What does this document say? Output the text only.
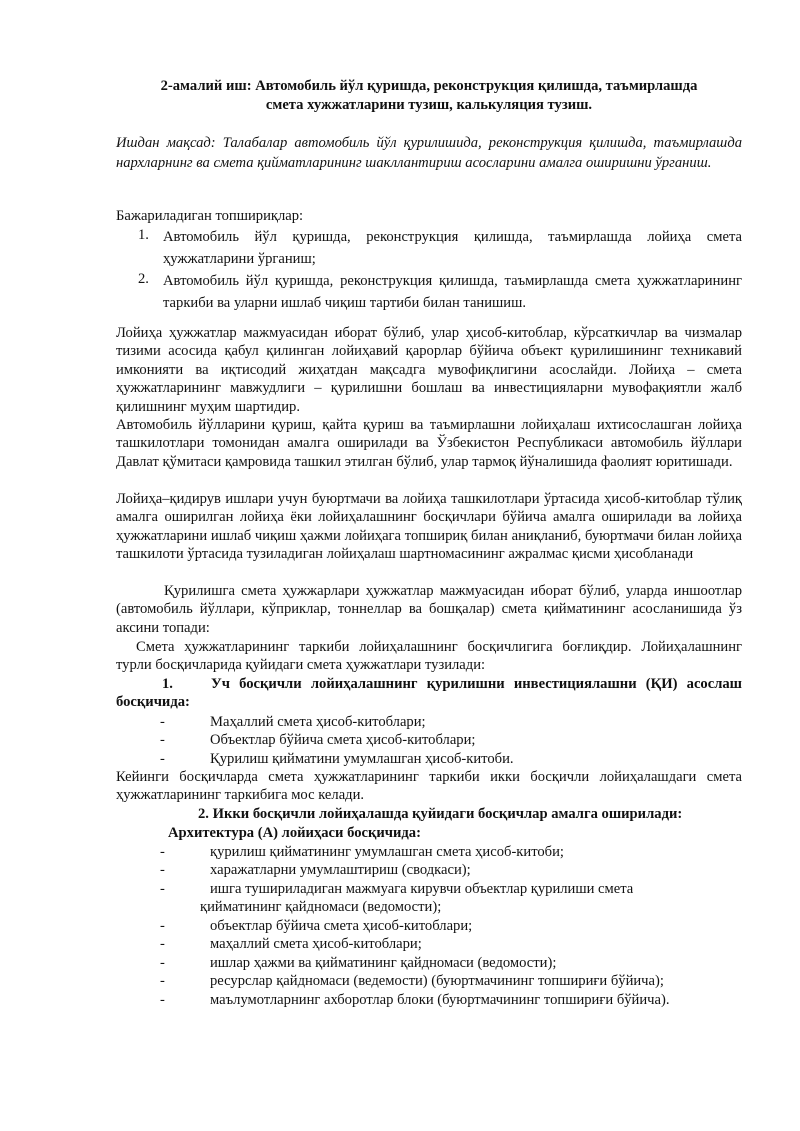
2-амалий иш: Автомобиль йўл қуришда, реконструкция қилишда, таъмирлашда
смета хужжатларини тузиш, калькуляция тузиш.
Ишдан мақсад: Талабалар автомобиль йўл қурилишида, реконструкция қилишда, таъмирлашда нархларнинг ва смета қийматларининг шакллантириш асосларини амалга оширишни ўрганиш.
Бажариладиган топшириқлар:
1. Автомобиль йўл қуришда, реконструкция қилишда, таъмирлашда лойиҳа смета ҳужжатларини ўрганиш;
2. Автомобиль йўл қуришда, реконструкция қилишда, таъмирлашда смета ҳужжатларининг таркиби ва уларни ишлаб чиқиш тартиби билан танишиш.
Лойиҳа ҳужжатлар мажмуасидан иборат бўлиб, улар ҳисоб-китоблар, кўрсаткичлар ва чизмалар тизими асосида қабул қилинган лойиҳавий қарорлар бўйича объект қурилишининг техникавий имконияти ва иқтисодий жиҳатдан мақсадга мувофиқлигини асослайди. Лойиҳа – смета ҳужжатларининг мавжудлиги – қурилишни бошлаш ва инвестицияларни мувофақиятли жалб қилишнинг муҳим шартидир.
Автомобиль йўлларини қуриш, қайта қуриш ва таъмирлашни лойиҳалаш ихтисослашган лойиҳа ташкилотлари томонидан амалга оширилади ва Ўзбекистон Республикаси автомобиль йўллари Давлат қўмитаси қамровида ташкил этилган бўлиб, улар тармоқ йўналишида фаолият юритишади.
Лойиҳа–қидирув ишлари учун буюртмачи ва лойиҳа ташкилотлари ўртасида ҳисоб-китоблар тўлиқ амалга оширилган лойиҳа ёки лойиҳалашнинг босқичлари бўйича амалга оширилади ва лойиҳа ҳужжатларини ишлаб чиқиш ҳажми лойиҳага топшириқ билан аниқланиб, буюртмачи билан лойиҳа ташкилоти ўртасида тузиладиган лойиҳалаш шартномасининг ажралмас қисми ҳисобланади
Қурилишга смета ҳужжарлари ҳужжатлар мажмуасидан иборат бўлиб, уларда иншоотлар (автомобиль йўллари, кўприклар, тоннеллар ва бошқалар) смета қийматининг асосланишида ўз аксини топади:
Смета ҳужжатларининг таркиби лойиҳалашнинг босқичлигига боғлиқдир. Лойиҳалашнинг турли босқичларида қуйидаги смета ҳужжатлари тузилади:
1.	Уч босқичли лойиҳалашнинг қурилишни инвестициялашни (ҚИ) асослаш босқичида:
-	Маҳаллий смета ҳисоб-китоблари;
-	Объектлар бўйича смета ҳисоб-китоблари;
-	Қурилиш қийматини умумлашган ҳисоб-китоби.
Кейинги босқичларда смета ҳужжатларининг таркиби икки босқичли лойиҳалашдаги смета ҳужжатларининг таркибига мос келади.
2. Икки босқичли лойиҳалашда қуйидаги босқичлар амалга оширилади:
Архитектура (А) лойиҳаси босқичида:
-	қурилиш қийматининг умумлашган смета ҳисоб-китоби;
-	харажатларни умумлаштириш (сводкаси);
-	ишга тушириладиган мажмуага кирувчи объектлар қурилиши смета
қийматининг қайдномаси (ведомости);
-	объектлар бўйича смета ҳисоб-китоблари;
-	маҳаллий смета ҳисоб-китоблари;
-	ишлар ҳажми ва қийматининг қайдномаси (ведомости);
-	ресурслар қайдномаси (ведемости) (буюртмачининг топшириғи бўйича);
-	маълумотларнинг ахборотлар блоки (буюртмачининг топшириғи бўйича).
